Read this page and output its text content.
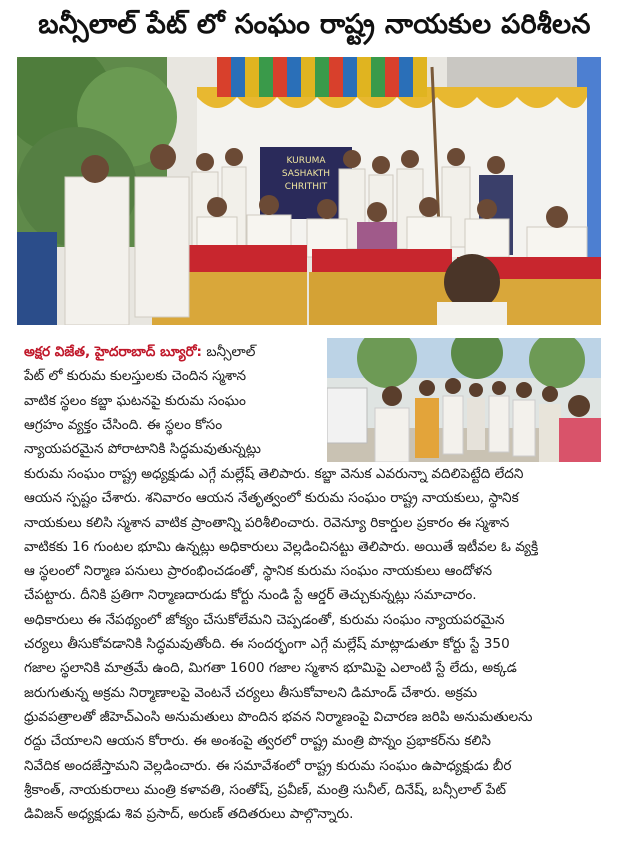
బన్సీలాల్ పేట్ లో సంఘం రాష్ట్ర నాయకుల పరిశీలన
KURUMA
SASHAKTH
CHRITHIT
అక్షర విజేత, హైదరాబాద్ బ్యూరో: బన్సీలాల్
పేట్ లో కురుమ కులస్తులకు చెందిన స్మశాన
వాటిక స్థలం కబ్జా ఘటనపై కురుమ సంఘం
ఆగ్రహం వ్యక్తం చేసింది. ఈ స్థలం కోసం
న్యాయపరమైన పోరాటానికి సిద్ధమవుతున్నట్లు
కురుమ సంఘం రాష్ట్ర అధ్యక్షుడు ఎగ్గే మల్లేష్ తెలిపారు. కబ్జా వెనుక ఎవరున్నా వదిలిపెట్టేది లేదని
ఆయన స్పష్టం చేశారు. శనివారం ఆయన నేతృత్వంలో కురుమ సంఘం రాష్ట్ర నాయకులు, స్థానిక
నాయకులు కలిసి స్మశాన వాటిక ప్రాంతాన్ని పరిశీలించారు. రెవెన్యూ రికార్డుల ప్రకారం ఈ స్మశాన
వాటికకు 16 గుంటల భూమి ఉన్నట్లు అధికారులు వెల్లడించినట్టు తెలిపారు. అయితే ఇటీవల ఓ వ్యక్తి
ఆ స్థలంలో నిర్మాణ పనులు ప్రారంభించడంతో, స్థానిక కురుమ సంఘం నాయకులు ఆందోళన
చేపట్టారు. దీనికి ప్రతిగా నిర్మాణదారుడు కోర్టు నుండి స్టే ఆర్డర్ తెచ్చుకున్నట్లు సమాచారం.
అధికారులు ఈ నేపథ్యంలో జోక్యం చేసుకోలేమని చెప్పడంతో, కురుమ సంఘం న్యాయపరమైన
చర్యలు తీసుకోవడానికి సిద్ధమవుతోంది. ఈ సందర్భంగా ఎగ్గే మల్లేష్ మాట్లాడుతూ కోర్టు స్టే 350
గజాల స్థలానికి మాత్రమే ఉంది, మిగతా 1600 గజాల స్మశాన భూమిపై ఎలాంటి స్టే లేదు, అక్కడ
జరుగుతున్న అక్రమ నిర్మాణాలపై వెంటనే చర్యలు తీసుకోవాలని డిమాండ్ చేశారు. అక్రమ
ధ్రువపత్రాలతో జీహెచ్ఎంసి అనుమతులు పొందిన భవన నిర్మాణంపై విచారణ జరిపి అనుమతులను
రద్దు చేయాలని ఆయన కోరారు. ఈ అంశంపై త్వరలో రాష్ట్ర మంత్రి పొన్నం ప్రభాకర్‌ను కలిసి
నివేదిక అందజేస్తామని వెల్లడించారు. ఈ సమావేశంలో రాష్ట్ర కురుమ సంఘం ఉపాధ్యక్షుడు బీర
శ్రీకాంత్, నాయకురాలు మంత్రి కళావతి, సంతోష్, ప్రవీణ్, మంత్రి సునీల్, దినేష్, బన్సీలాల్ పేట్
డివిజన్ అధ్యక్షుడు శివ ప్రసాద్, అరుణ్ తదితరులు పాల్గొన్నారు.
